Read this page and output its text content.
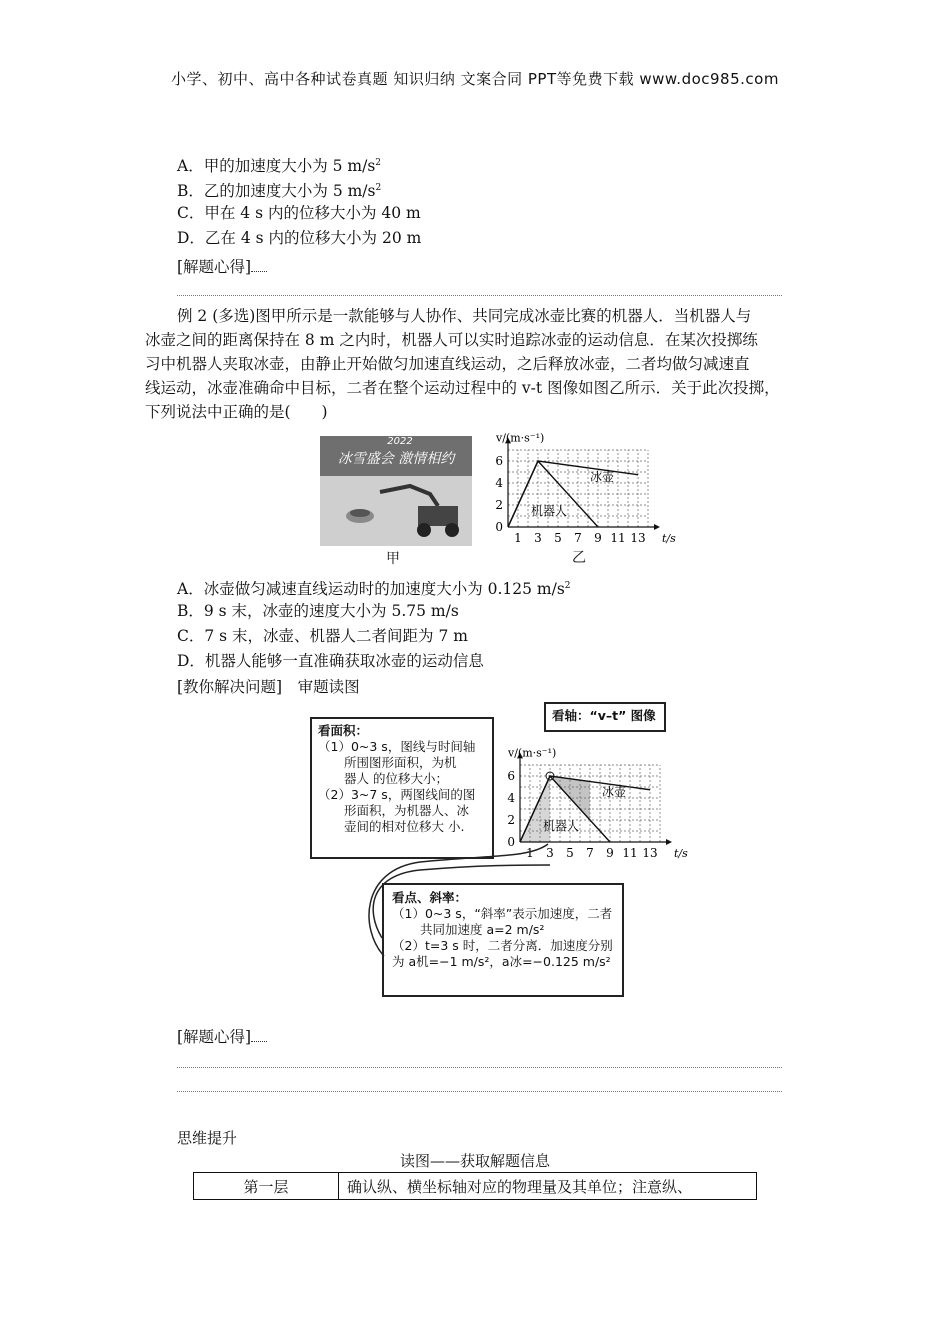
小学、初中、高中各种试卷真题 知识归纳 文案合同 PPT等免费下载 www.doc985.com
A．甲的加速度大小为 5 $m/s^2$
B．乙的加速度大小为 5 $m/s^2$
C．甲在 4 s 内的位移大小为 40 m
D．乙在 4 s 内的位移大小为 20 m
[解题心得]
例 2 (多选)图甲所示是一款能够与人协作、共同完成冰壶比赛的机器人．当机器人与
冰壶之间的距离保持在 8 m 之内时，机器人可以实时追踪冰壶的运动信息．在某次投掷练
习中机器人夹取冰壶，由静止开始做匀加速直线运动，之后释放冰壶，二者均做匀减速直
线运动，冰壶准确命中目标，二者在整个运动过程中的 v-t 图像如图乙所示．关于此次投掷，
下列说法中正确的是(　　)
2022
冰雪盛会 激情相约
甲
1 3 5 7 9 11 13
0
2
4
6
t/s
v/(m·s⁻¹)
冰壶
机器人
乙
A．冰壶做匀减速直线运动时的加速度大小为 0.125 $m/s^2$
B．9 s 末，冰壶的速度大小为 5.75 m/s
C．7 s 末，冰壶、机器人二者间距为 7 m
D．机器人能够一直准确获取冰壶的运动信息
[教你解决问题]　审题读图
看面积：
（1）0~3 s，图线与时间轴
所围图形面积，为机
器人 的位移大小；
（2）3~7 s，两图线间的图
形面积，为机器人、冰
壶间的相对位移大 小.
看轴：“v–t” 图像
1 3 5 7 9 11 13
0
2
4
6
t/s
v/(m·s⁻¹)
冰壶
机器人
看点、斜率：
（1）0~3 s，“斜率”表示加速度，二者
共同加速度 a=2 m/s²
（2）t=3 s 时，二者分离．加速度分别
为 a机=−1 m/s²，a冰=−0.125 m/s²
[解题心得]
思维提升
读图——获取解题信息
第一层	确认纵、横坐标轴对应的物理量及其单位；注意纵、
